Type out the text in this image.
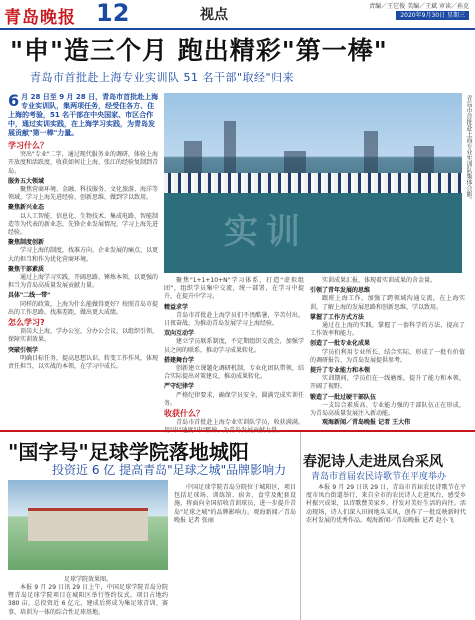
青岛晚报 12	视点
责编／王它俊 美编／王斌 审读／孙克
2020年9月30日 星期三
"申"造三个月 跑出精彩"第一棒"
青岛市首批赴上海专业实训队 51 名干部"取经"归来
6 月 28 日至 9 月 28 日，青岛市首批赴上海专业实训队，集两项任务，经受住各方、住上海的考验，51 名干部在中央国家、市区合作中，通过实训实践，在上海学习实践，为青岛发展贡献"第一棒"力量。
实训
青岛市首批赴上海专业实训队集体合影。
学习什么？

突出"专业"二字，通过现代服务业的调研，体验上海开放度和活跃度，收获如何让上海、张江的经验复制到青岛。

服务五大领域

聚焦营商环境、金融、科技服务、文化旅游、海洋等领域，学习上海先进经验、创新思维，做到学以致用。

聚焦新兴业态

以人工智能、信息化、生物技术、集成电路、智能制造等为代表的新业态，先锋企业发展情况，学习上海先进经验。

聚焦制度创新

学习上海的制度，找准方向、企业发展的痛点，以更大的担当和作为优化营商环境。

聚焦干部素质

通过上海学习实践，开阔思路、锤炼本领，以更强的担当为青岛高质量发展贡献力量。

具体"二线一带"

同样的政策，上海为什么能做得更好？按照青岛市提出的工作思路，找准差距，做出更大成绩。

怎么学习?

顶岗大上海，学办公室，分办公会议，以组织引领，保障实训效果。

突破引领学

明确目标任务，提高思想认识，转变工作作风，体现责任担当，以实战的本领，在学习中成长。

聚焦"1+1+10+N"学习体系，打造"虚拟组团"，组织学员集中交流，统一部署，在学习中提升，在提升中学习。

精益求学

青岛市首批赴上海学员们不畏酷暑，辛苦付出，日夜奋战，为推动青岛发展学习上海经验。

双向互动学

建立学员联系制度，不定期组织交流会，加强学员之间的联系，推动学习成果转化。

搭建舞台学

创新建立课题化调研机制，专业化团队带领，结合实际提出对策建议，推动成果转化。

严守纪律学

严格纪律要求，确保学员安全，圆满完成实训任务。

收获什么？

青岛市首批赴上海专业实训队学员，收获满满，

实训成果汇报，体现着实训成果的含金量。

引领了青年发展的思维

跟班上海工作，加强了跨领域沟通交流，在上海实训，了解上海的发展思路和创新思维，学以致用。

掌握了工作方式方法

通过在上海的实践，掌握了一套科学的方法，提高了工作效率和能力。

创造了一批专业化成果

学员们利用专业所长，结合实际，形成了一批有价值的调研报告，为青岛发展提供参考。

提升了专业能力和本领

实训期间，学员们在一线磨炼，提升了能力和本领，开阔了视野。

锻造了一批过硬干部队伍

一支综合素质高、专业能力强的干部队伍正在形成，为青岛高质量发展注入新动能。

观海新闻／青岛晚报 记者 王大伟

"国字号"足球学院落地城阳
投资近 6 亿 提高青岛"足球之城"品牌影响力
足球学院效果图。

本报 9 月 29 日讯 29 日上午，中国足球学院青岛分院暨青岛足球学院项目在城阳区举行签约仪式。项目占地约 380 亩，总投资近 6 亿元，建成后将成为集足球青训、赛事、培训为一体的综合性足球基地。

中国足球学院青岛分院位于城阳区，项目包括足球场、训练馆、宿舍、食堂及配套设施，将面向全国招收青训球员，进一步提升青岛"足球之城"的品牌影响力。观海新闻／青岛晚报 记者 张丽

春泥诗人走进凤台采风
青岛市首届农民诗歌节在平度举办

本报 9 月 29 日讯 29 日，青岛市首届农民诗歌节在平度市凤台街道举行，来自全市的农民诗人走进凤台，感受乡村振兴成果，以诗歌赞美家乡，抒发对美好生活的向往。活动现场，诗人们深入田间地头采风，创作了一批反映新时代农村发展的优秀作品。观海新闻／青岛晚报 记者 赵小飞
